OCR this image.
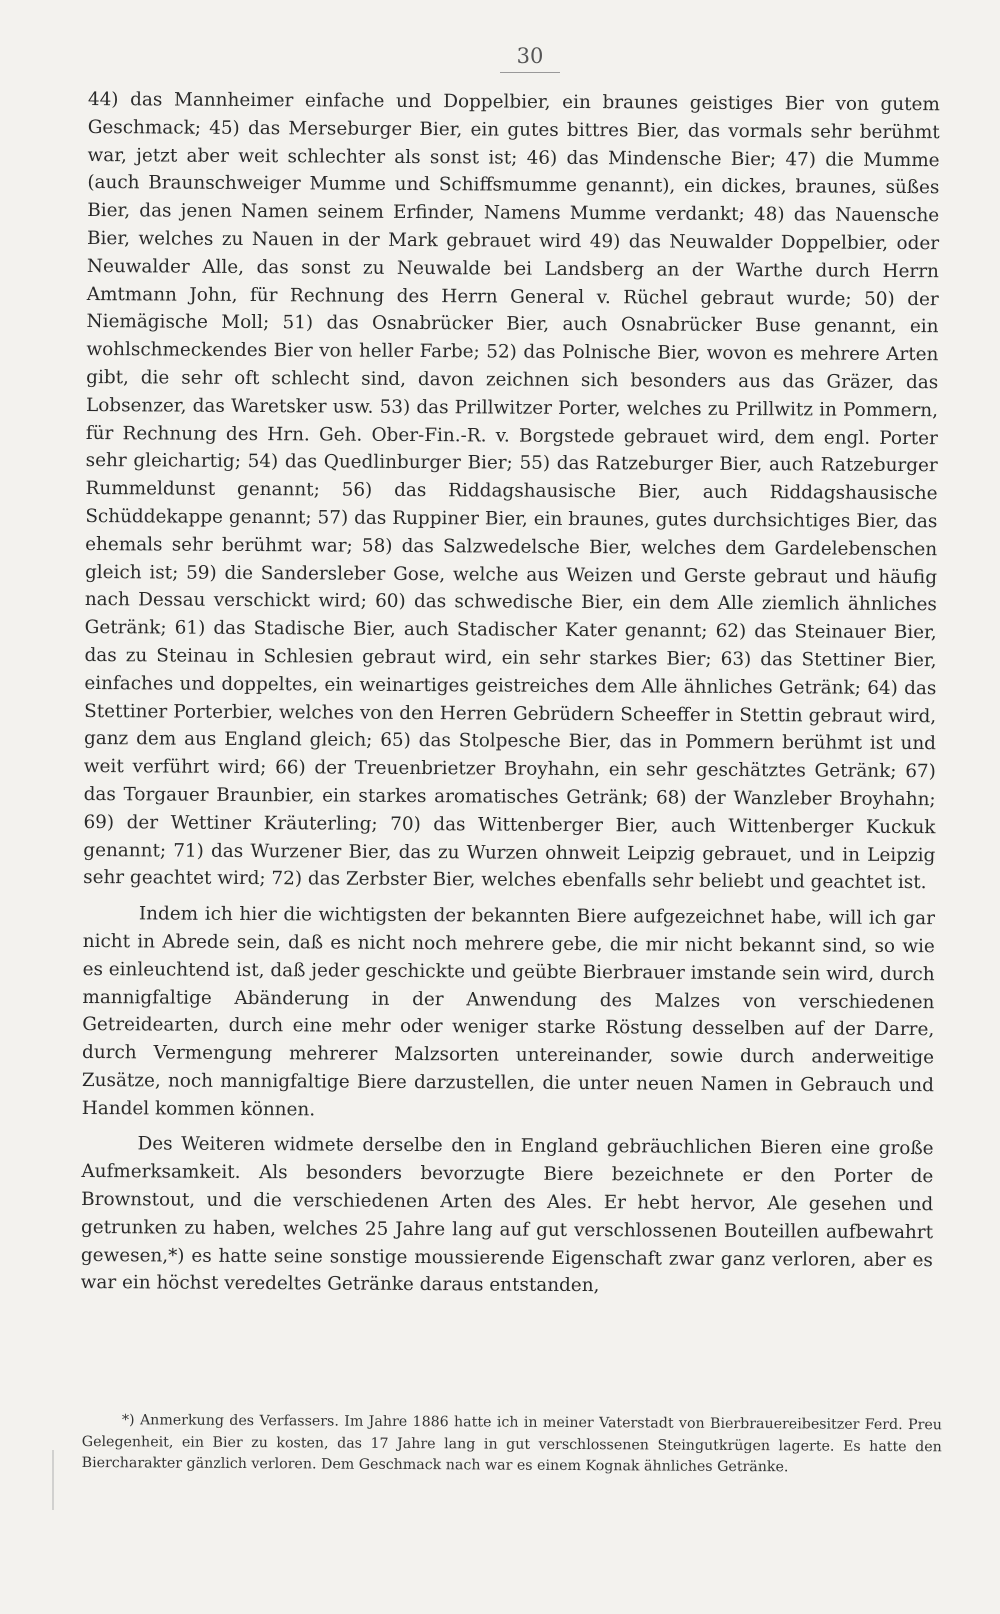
30

44) das Mannheimer einfache und Doppelbier, ein braunes geistiges Bier von gutem Geschmack; 45) das Merseburger Bier, ein gutes bittres Bier, das vormals sehr berühmt war, jetzt aber weit schlechter als sonst ist; 46) das Mindensche Bier; 47) die Mumme (auch Braunschweiger Mumme und Schiffsmumme genannt), ein dickes, braunes, süßes Bier, das jenen Namen seinem Erfinder, Namens Mumme verdankt; 48) das Nauensche Bier, welches zu Nauen in der Mark gebrauet wird 49) das Neuwalder Doppelbier, oder Neuwalder Alle, das sonst zu Neuwalde bei Landsberg an der Warthe durch Herrn Amtmann John, für Rechnung des Herrn General v. Rüchel gebraut wurde; 50) der Niemägische Moll; 51) das Osnabrücker Bier, auch Osnabrücker Buse genannt, ein wohlschmeckendes Bier von heller Farbe; 52) das Polnische Bier, wovon es mehrere Arten gibt, die sehr oft schlecht sind, davon zeichnen sich besonders aus das Gräzer, das Lobsenzer, das Waretsker usw. 53) das Prillwitzer Porter, welches zu Prillwitz in Pommern, für Rechnung des Hrn. Geh. Ober-Fin.-R. v. Borgstede gebrauet wird, dem engl. Porter sehr gleichartig; 54) das Quedlinburger Bier; 55) das Ratzeburger Bier, auch Ratzeburger Rummeldunst genannt; 56) das Riddagshausische Bier, auch Riddagshausische Schüddekappe genannt; 57) das Ruppiner Bier, ein braunes, gutes durchsichtiges Bier, das ehemals sehr berühmt war; 58) das Salzwedelsche Bier, welches dem Gardelebenschen gleich ist; 59) die Sandersleber Gose, welche aus Weizen und Gerste gebraut und häufig nach Dessau verschickt wird; 60) das schwedische Bier, ein dem Alle ziemlich ähnliches Getränk; 61) das Stadische Bier, auch Stadischer Kater genannt; 62) das Steinauer Bier, das zu Steinau in Schlesien gebraut wird, ein sehr starkes Bier; 63) das Stettiner Bier, einfaches und doppeltes, ein weinartiges geistreiches dem Alle ähnliches Getränk; 64) das Stettiner Porterbier, welches von den Herren Gebrüdern Scheeffer in Stettin gebraut wird, ganz dem aus England gleich; 65) das Stolpesche Bier, das in Pommern berühmt ist und weit verführt wird; 66) der Treuenbrietzer Broyhahn, ein sehr geschätztes Getränk; 67) das Torgauer Braunbier, ein starkes aromatisches Getränk; 68) der Wanzleber Broyhahn; 69) der Wettiner Kräuterling; 70) das Wittenberger Bier, auch Wittenberger Kuckuk genannt; 71) das Wurzener Bier, das zu Wurzen ohnweit Leipzig gebrauet, und in Leipzig sehr geachtet wird; 72) das Zerbster Bier, welches ebenfalls sehr beliebt und geachtet ist.

Indem ich hier die wichtigsten der bekannten Biere aufgezeichnet habe, will ich gar nicht in Abrede sein, daß es nicht noch mehrere gebe, die mir nicht bekannt sind, so wie es einleuchtend ist, daß jeder geschickte und geübte Bierbrauer imstande sein wird, durch mannigfaltige Abänderung in der Anwendung des Malzes von verschiedenen Getreidearten, durch eine mehr oder weniger starke Röstung desselben auf der Darre, durch Vermengung mehrerer Malzsorten untereinander, sowie durch anderweitige Zusätze, noch mannigfaltige Biere darzustellen, die unter neuen Namen in Gebrauch und Handel kommen können.

Des Weiteren widmete derselbe den in England gebräuchlichen Bieren eine große Aufmerksamkeit. Als besonders bevorzugte Biere bezeichnete er den Porter de Brownstout, und die verschiedenen Arten des Ales. Er hebt hervor, Ale gesehen und getrunken zu haben, welches 25 Jahre lang auf gut verschlossenen Bouteillen aufbewahrt gewesen,*) es hatte seine sonstige moussierende Eigenschaft zwar ganz verloren, aber es war ein höchst veredeltes Getränke daraus entstanden,

*) Anmerkung des Verfassers. Im Jahre 1886 hatte ich in meiner Vaterstadt von Bierbrauereibesitzer Ferd. Preu Gelegenheit, ein Bier zu kosten, das 17 Jahre lang in gut verschlossenen Steingutkrügen lagerte. Es hatte den Biercharakter gänzlich verloren. Dem Geschmack nach war es einem Kognak ähnliches Getränke.
